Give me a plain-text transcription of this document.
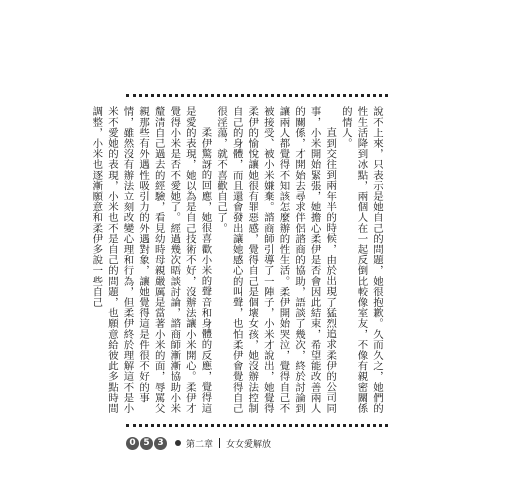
說不上來，只表示是她自己的問題，她很抱歉。久而久之，她們的性生活降到冰點，兩個人在一起反倒比較像室友，不像有親密關係的情人。

直到交往到兩年半的時候，由於出現了猛烈追求柔伊的公司同事，小米開始緊張，她擔心柔伊是否會因此結束，希望能改善兩人的關係，才開始去尋求伴侶諮商的協助，語談了幾次，終於討論到讓兩人都覺得不知該怎麼辦的性生活。柔伊開始哭泣，覺得自己不被接受、被小米嫌棄。諮商師引導了一陣子，小米才說出，她覺得柔伊的愉悅讓她很有罪惡感，覺得自己是個壞女孩，她沒辦法控制自己的身體，而且還會發出讓她感心的叫聲，也怕柔伊會覺得自己很淫蕩，就不喜歡自己了。

柔伊驚訝的回應，她很喜歡小米的聲音和身體的反應，覺得這是愛的表現，她以為是自己技術不好，沒辦法讓小米開心。柔伊才覺得小米是否不愛她了。經過幾次晤談討論，諮商師漸漸協助小米釐清自己過去的經驗，看見幼時母親嚴厲是當著小米的面，辱罵父親那些有外遇性吸引力的外遇對象，讓她覺得這是件很不好的事情，雖然沒有辦法立刻改變心理和行為，但柔伊終於理解這不是小米不愛她的表現，小米也不是自己的問題，也願意給彼此多點時間調整，小米也逐漸願意和柔伊多說一些自己

0 5 3	第二章 女女愛解放
